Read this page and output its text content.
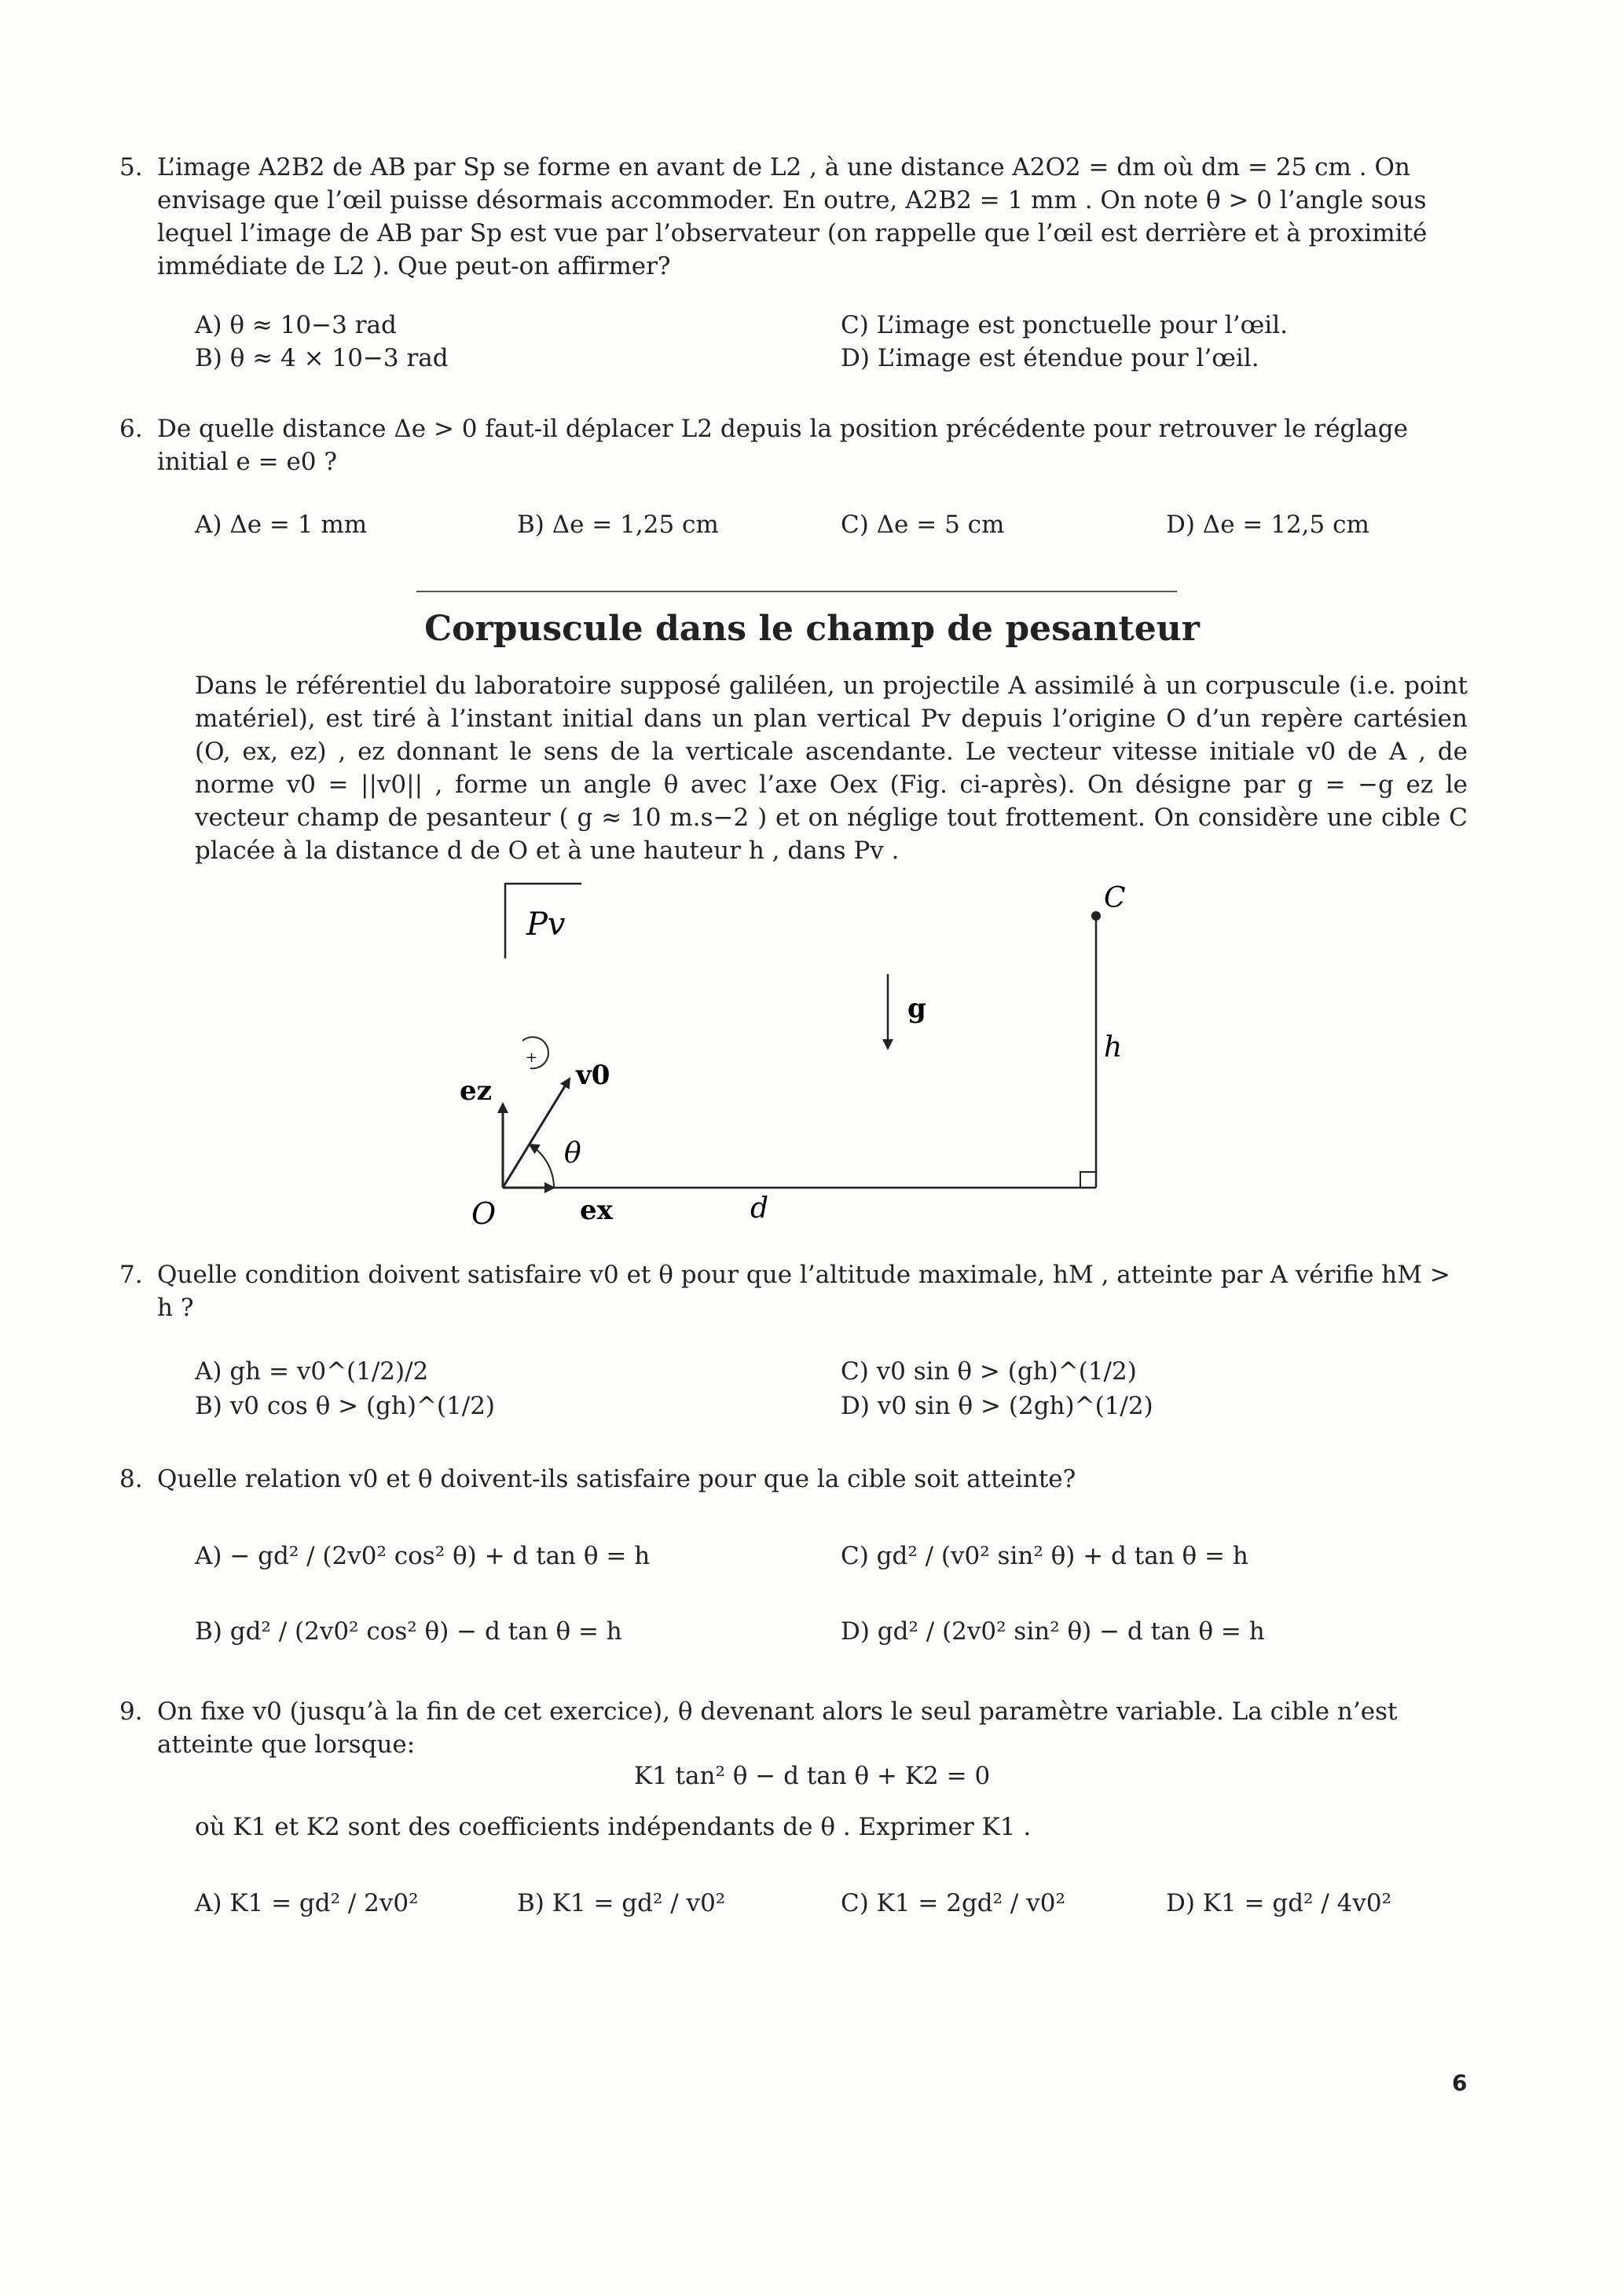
5. L’image A2B2 de AB par Sp se forme en avant de L2 , à une distance A2O2 = dm où dm = 25 cm . On envisage que l’œil puisse désormais accommoder. En outre, A2B2 = 1 mm . On note θ > 0 l’angle sous lequel l’image de AB par Sp est vue par l’observateur (on rappelle que l’œil est derrière et à proximité immédiate de L2 ). Que peut-on affirmer?

A) θ ≈ 10−3 rad
B) θ ≈ 4 × 10−3 rad
C) L’image est ponctuelle pour l’œil.
D) L’image est étendue pour l’œil.
6. De quelle distance Δe > 0 faut-il déplacer L2 depuis la position précédente pour retrouver le réglage initial e = e0 ?

A) Δe = 1 mm	B) Δe = 1,25 cm	C) Δe = 5 cm	D) Δe = 12,5 cm
Corpuscule dans le champ de pesanteur

Dans le référentiel du laboratoire supposé galiléen, un projectile A assimilé à un corpuscule (i.e. point matériel), est tiré à l’instant initial dans un plan vertical Pv depuis l’origine O d’un repère cartésien (O, ex, ez) , ez donnant le sens de la verticale ascendante. Le vecteur vitesse initiale v0 de A , de norme v0 = ||v0|| , forme un angle θ avec l’axe Oex (Fig. ci-après). On désigne par g = −g ez le vecteur champ de pesanteur ( g ≈ 10 m.s−2 ) et on néglige tout frottement. On considère une cible C placée à la distance d de O et à une hauteur h , dans Pv .

Pv
C
h
g
+
v0
ez
θ
O	ex	d
7. Quelle condition doivent satisfaire v0 et θ pour que l’altitude maximale, hM , atteinte par A vérifie hM > h ?

A) gh = v0^(1/2)/2
B) v0 cos θ > (gh)^(1/2)
C) v0 sin θ > (gh)^(1/2)
D) v0 sin θ > (2gh)^(1/2)
8. Quelle relation v0 et θ doivent-ils satisfaire pour que la cible soit atteinte?

A) − gd² / (2v0² cos² θ) + d tan θ = h
B) gd² / (2v0² cos² θ) − d tan θ = h
C) gd² / (v0² sin² θ) + d tan θ = h
D) gd² / (2v0² sin² θ) − d tan θ = h
9. On fixe v0 (jusqu’à la fin de cet exercice), θ devenant alors le seul paramètre variable. La cible n’est atteinte que lorsque:

K1 tan² θ − d tan θ + K2 = 0
où K1 et K2 sont des coefficients indépendants de θ . Exprimer K1 .
A) K1 = gd² / 2v0²	B) K1 = gd² / v0²	C) K1 = 2gd² / v0²	D) K1 = gd² / 4v0²
6
